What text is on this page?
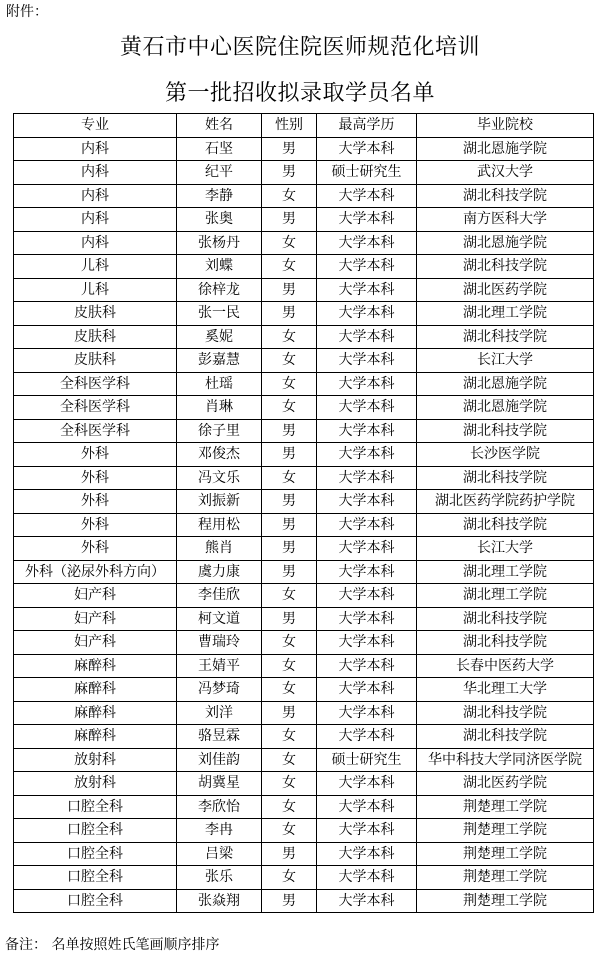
附件：
黄石市中心医院住院医师规范化培训
第一批招收拟录取学员名单
专业	姓名	性别	最高学历	毕业院校
内科	石坚	男	大学本科	湖北恩施学院
内科	纪平	男	硕士研究生	武汉大学
内科	李静	女	大学本科	湖北科技学院
内科	张奥	男	大学本科	南方医科大学
内科	张杨丹	女	大学本科	湖北恩施学院
儿科	刘蝶	女	大学本科	湖北科技学院
儿科	徐梓龙	男	大学本科	湖北医药学院
皮肤科	张一民	男	大学本科	湖北理工学院
皮肤科	奚妮	女	大学本科	湖北科技学院
皮肤科	彭嘉慧	女	大学本科	长江大学
全科医学科	杜瑶	女	大学本科	湖北恩施学院
全科医学科	肖琳	女	大学本科	湖北恩施学院
全科医学科	徐子里	男	大学本科	湖北科技学院
外科	邓俊杰	男	大学本科	长沙医学院
外科	冯文乐	女	大学本科	湖北科技学院
外科	刘振新	男	大学本科	湖北医药学院药护学院
外科	程用松	男	大学本科	湖北科技学院
外科	熊肖	男	大学本科	长江大学
外科（泌尿外科方向）	虞力康	男	大学本科	湖北理工学院
妇产科	李佳欣	女	大学本科	湖北理工学院
妇产科	柯文道	男	大学本科	湖北科技学院
妇产科	曹瑞玲	女	大学本科	湖北科技学院
麻醉科	王婧平	女	大学本科	长春中医药大学
麻醉科	冯梦琦	女	大学本科	华北理工大学
麻醉科	刘洋	男	大学本科	湖北科技学院
麻醉科	骆昱霖	女	大学本科	湖北科技学院
放射科	刘佳韵	女	硕士研究生	华中科技大学同济医学院
放射科	胡冀星	女	大学本科	湖北医药学院
口腔全科	李欣怡	女	大学本科	荆楚理工学院
口腔全科	李冉	女	大学本科	荆楚理工学院
口腔全科	吕梁	男	大学本科	荆楚理工学院
口腔全科	张乐	女	大学本科	荆楚理工学院
口腔全科	张焱翔	男	大学本科	荆楚理工学院
备注： 名单按照姓氏笔画顺序排序
